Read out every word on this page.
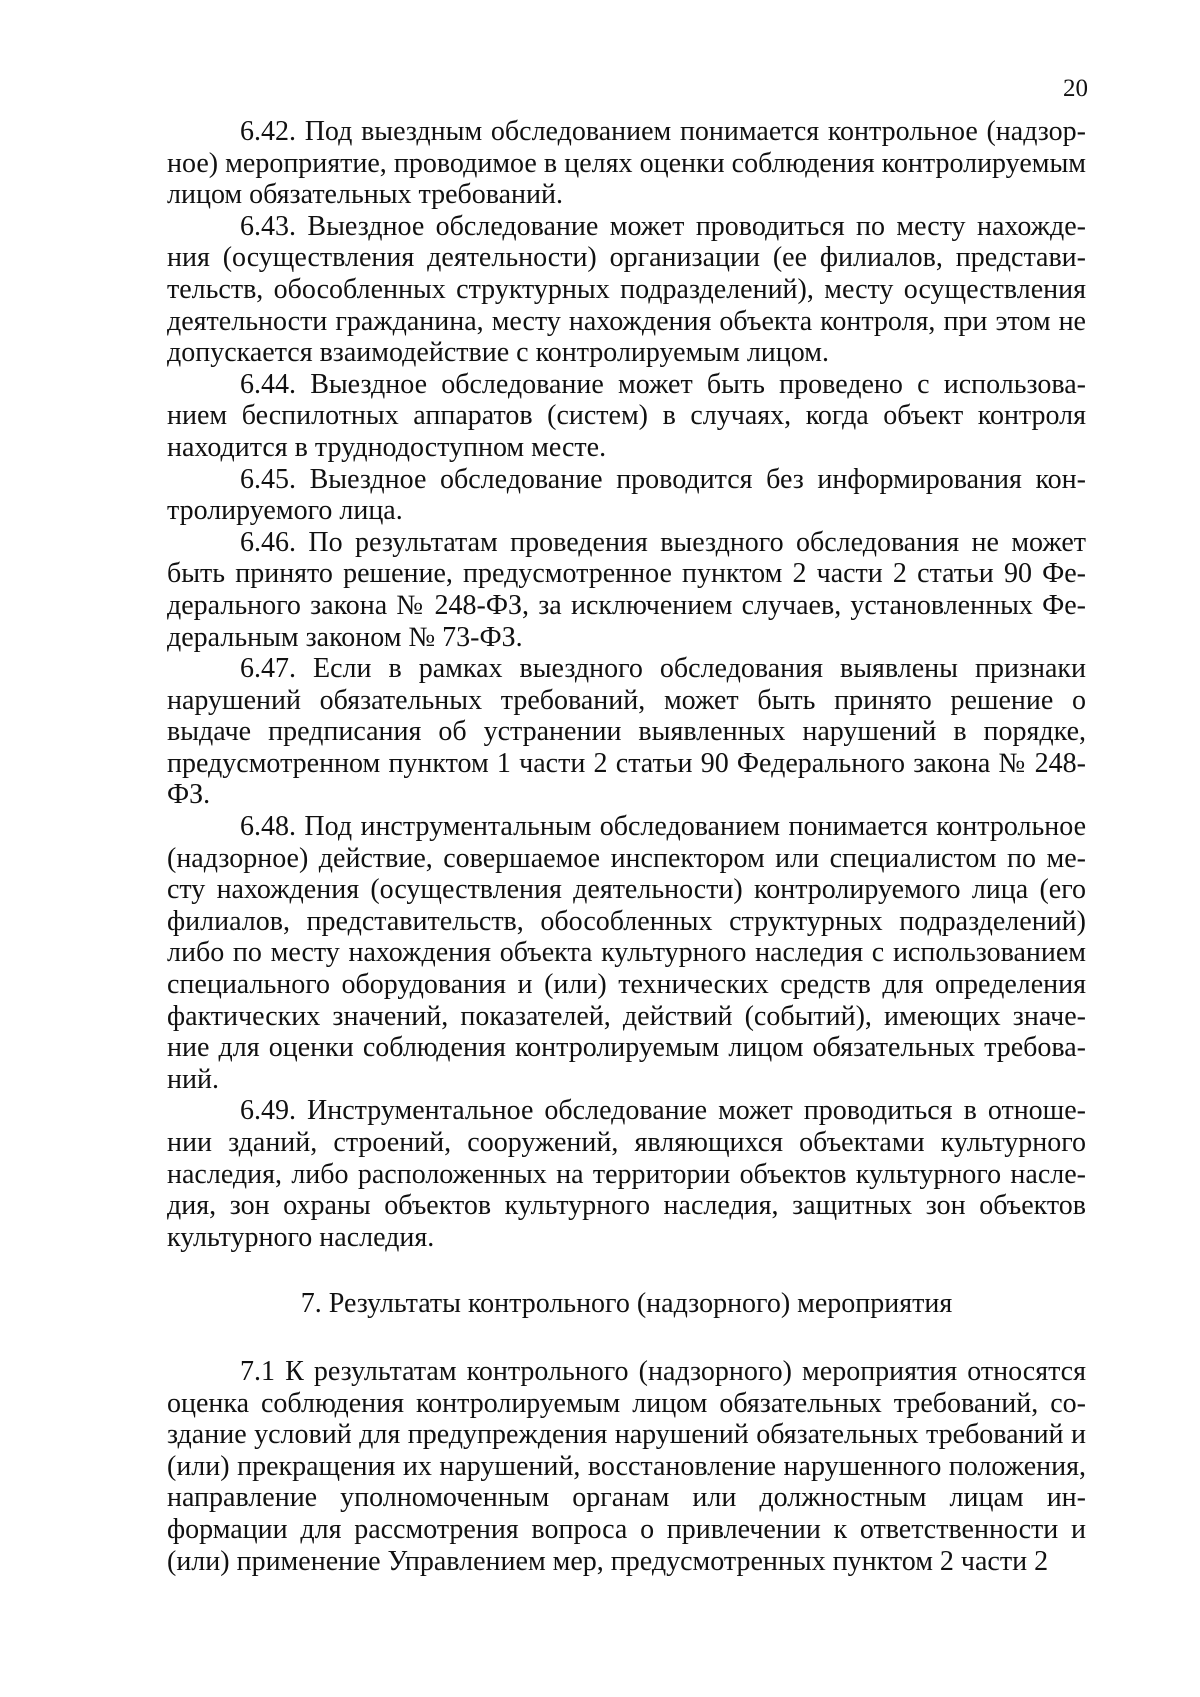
20

6.42. Под выездным обследованием понимается контрольное (надзорное) мероприятие, проводимое в целях оценки соблюдения контролируемым лицом обязательных требований.

6.43. Выездное обследование может проводиться по месту нахождения (осуществления деятельности) организации (ее филиалов, представительств, обособленных структурных подразделений), месту осуществления деятельности гражданина, месту нахождения объекта контроля, при этом не допускается взаимодействие с контролируемым лицом.

6.44. Выездное обследование может быть проведено с использованием беспилотных аппаратов (систем) в случаях, когда объект контроля находится в труднодоступном месте.

6.45. Выездное обследование проводится без информирования контролируемого лица.

6.46. По результатам проведения выездного обследования не может быть принято решение, предусмотренное пунктом 2 части 2 статьи 90 Федерального закона № 248-ФЗ, за исключением случаев, установленных Федеральным законом № 73-ФЗ.

6.47. Если в рамках выездного обследования выявлены признаки нарушений обязательных требований, может быть принято решение о выдаче предписания об устранении выявленных нарушений в порядке, предусмотренном пунктом 1 части 2 статьи 90 Федерального закона № 248-ФЗ.

6.48. Под инструментальным обследованием понимается контрольное (надзорное) действие, совершаемое инспектором или специалистом по месту нахождения (осуществления деятельности) контролируемого лица (его филиалов, представительств, обособленных структурных подразделений) либо по месту нахождения объекта культурного наследия с использованием специального оборудования и (или) технических средств для определения фактических значений, показателей, действий (событий), имеющих значение для оценки соблюдения контролируемым лицом обязательных требований.

6.49. Инструментальное обследование может проводиться в отношении зданий, строений, сооружений, являющихся объектами культурного наследия, либо расположенных на территории объектов культурного наследия, зон охраны объектов культурного наследия, защитных зон объектов культурного наследия.

7. Результаты контрольного (надзорного) мероприятия

7.1 К результатам контрольного (надзорного) мероприятия относятся оценка соблюдения контролируемым лицом обязательных требований, создание условий для предупреждения нарушений обязательных требований и (или) прекращения их нарушений, восстановление нарушенного положения, направление уполномоченным органам или должностным лицам информации для рассмотрения вопроса о привлечении к ответственности и (или) применение Управлением мер, предусмотренных пунктом 2 части 2
